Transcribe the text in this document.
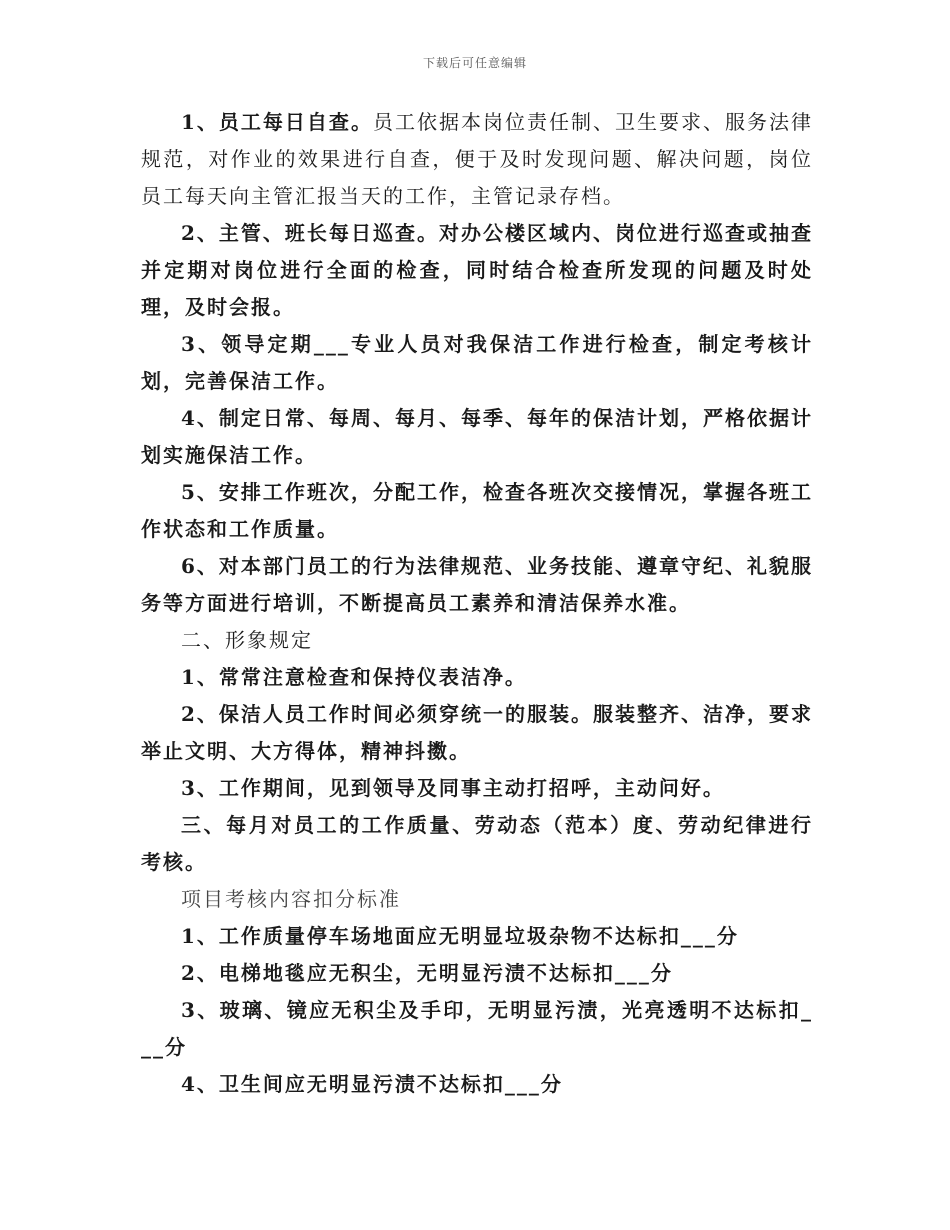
下载后可任意编辑

1、员工每日自查。员工依据本岗位责任制、卫生要求、服务法律规范，对作业的效果进行自查，便于及时发现问题、解决问题，岗位员工每天向主管汇报当天的工作，主管记录存档。

2、主管、班长每日巡查。对办公楼区域内、岗位进行巡查或抽查并定期对岗位进行全面的检查，同时结合检查所发现的问题及时处理，及时会报。

3、领导定期___专业人员对我保洁工作进行检查，制定考核计划，完善保洁工作。

4、制定日常、每周、每月、每季、每年的保洁计划，严格依据计划实施保洁工作。

5、安排工作班次，分配工作，检查各班次交接情况，掌握各班工作状态和工作质量。

6、对本部门员工的行为法律规范、业务技能、遵章守纪、礼貌服务等方面进行培训，不断提高员工素养和清洁保养水准。

二、形象规定

1、常常注意检查和保持仪表洁净。

2、保洁人员工作时间必须穿统一的服装。服装整齐、洁净，要求举止文明、大方得体，精神抖擞。

3、工作期间，见到领导及同事主动打招呼，主动问好。

三、每月对员工的工作质量、劳动态（范本）度、劳动纪律进行考核。

项目考核内容扣分标准

1、工作质量停车场地面应无明显垃圾杂物不达标扣___分

2、电梯地毯应无积尘，无明显污渍不达标扣___分

3、玻璃、镜应无积尘及手印，无明显污渍，光亮透明不达标扣___分

4、卫生间应无明显污渍不达标扣___分
